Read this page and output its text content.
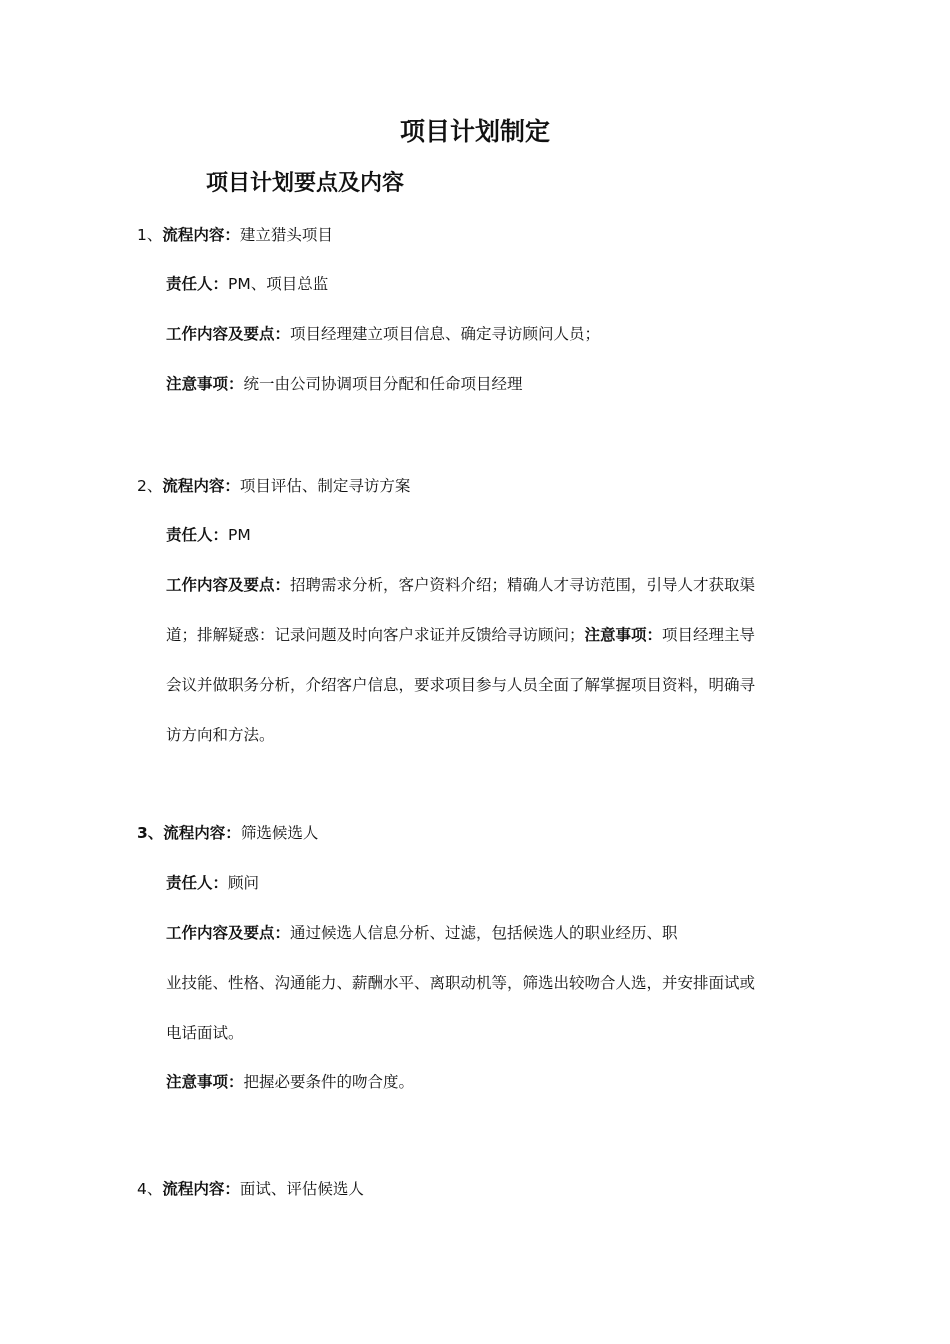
项目计划制定
项目计划要点及内容
1、流程内容：建立猎头项目
责任人：PM、项目总监
工作内容及要点：项目经理建立项目信息、确定寻访顾问人员；
注意事项：统一由公司协调项目分配和任命项目经理
2、流程内容：项目评估、制定寻访方案
责任人：PM
工作内容及要点：招聘需求分析，客户资料介绍；精确人才寻访范围，引导人才获取渠
道；排解疑惑：记录问题及时向客户求证并反馈给寻访顾问；注意事项：项目经理主导
会议并做职务分析，介绍客户信息，要求项目参与人员全面了解掌握项目资料，明确寻
访方向和方法。
3、流程内容：筛选候选人
责任人：顾问
工作内容及要点：通过候选人信息分析、过滤，包括候选人的职业经历、职
业技能、性格、沟通能力、薪酬水平、离职动机等，筛选出较吻合人选，并安排面试或
电话面试。
注意事项：把握必要条件的吻合度。
4、流程内容：面试、评估候选人
